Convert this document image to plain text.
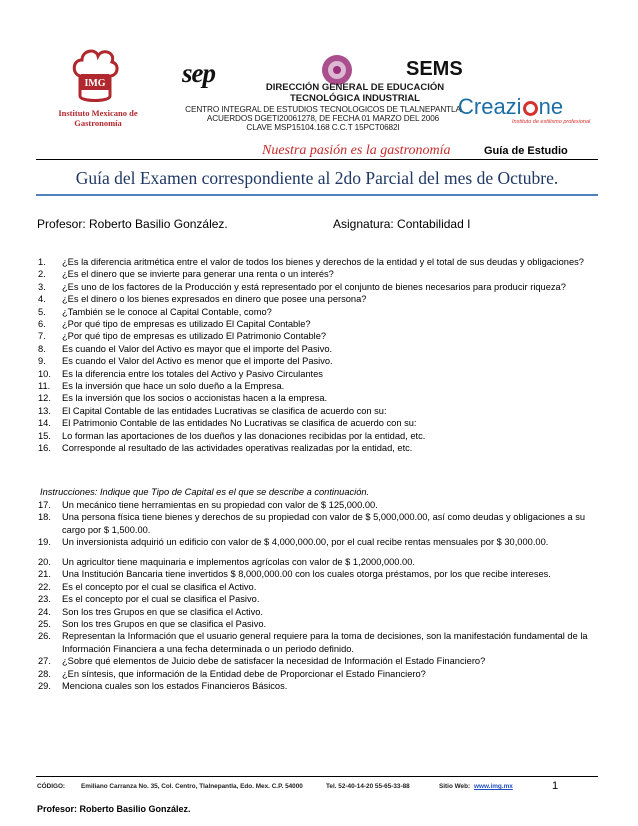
IMG
Instituto Mexicano de Gastronomía
sep	DIRECCIÓN GENERAL DE EDUCACIÓN TECNOLÓGICA INDUSTRIAL
CENTRO INTEGRAL DE ESTUDIOS TECNOLOGICOS DE TLALNEPANTLA
ACUERDOS DGETI20061278, DE FECHA 01 MARZO DEL 2006
CLAVE MSP15104.168 C.C.T 15PCT0682I
SEMS
Creazi ne
Instituto de estilismo profesional
Nuestra pasión es la gastronomía	Guía de Estudio
Guía del Examen correspondiente al 2do Parcial del mes de Octubre.
Profesor: Roberto Basilio González.	Asignatura: Contabilidad I
1.	¿Es la diferencia aritmética entre el valor de todos los bienes y derechos de la entidad y el total de sus deudas y obligaciones?
2.	¿Es el dinero que se invierte para generar una renta o un interés?
3.	¿Es uno de los factores de la Producción y está representado por el conjunto de bienes necesarios para producir riqueza?
4.	¿Es el dinero o los bienes expresados en dinero que posee una persona?
5.	¿También se le conoce al Capital Contable, como?
6.	¿Por qué tipo de empresas es utilizado El Capital Contable?
7.	¿Por qué tipo de empresas es utilizado El Patrimonio Contable?
8.	Es cuando el Valor del Activo es mayor que el importe del Pasivo.
9.	Es cuando el Valor del Activo es menor que el importe del Pasivo.
10.	Es la diferencia entre los totales del Activo y Pasivo Circulantes
11.	Es la inversión que hace un solo dueño a la Empresa.
12.	Es la inversión que los socios o accionistas hacen a la empresa.
13.	El Capital Contable de las entidades Lucrativas se clasifica de acuerdo con su:
14.	El Patrimonio Contable de las entidades No Lucrativas se clasifica de acuerdo con su:
15.	Lo forman las aportaciones de los dueños y las donaciones recibidas por la entidad, etc.
16.	Corresponde al resultado de las actividades operativas realizadas por la entidad, etc.
Instrucciones: Indique que Tipo de Capital es el que se describe a continuación.
17.	Un mecánico tiene herramientas en su propiedad con valor de $ 125,000.00.
18.	Una persona física tiene bienes y derechos de su propiedad con valor de $ 5,000,000.00, así como deudas y obligaciones a su cargo por $ 1,500.00.
19.	Un inversionista adquirió un edificio con valor de $ 4,000,000.00, por el cual recibe rentas mensuales por $ 30,000.00.
20.	Un agricultor tiene maquinaria e implementos agrícolas con valor de $ 1,2000,000.00.
21.	Una Institución Bancaria tiene invertidos $ 8,000,000.00 con los cuales otorga préstamos, por los que recibe intereses.
22.	Es el concepto por el cual se clasifica el Activo.
23.	Es el concepto por el cual se clasifica el Pasivo.
24.	Son los tres Grupos en que se clasifica el Activo.
25.	Son los tres Grupos en que se clasifica el Pasivo.
26.	Representan la Información que el usuario general requiere para la toma de decisiones, son la manifestación fundamental de la Información Financiera a una fecha determinada o un periodo definido.
27.	¿Sobre qué elementos de Juicio debe de satisfacer la necesidad de Información el Estado Financiero?
28.	¿En síntesis, que información de la Entidad debe de Proporcionar el Estado Financiero?
29.	Menciona cuales son los estados Financieros Básicos.
CÓDIGO: Emiliano Carranza No. 35, Col. Centro, Tlalnepantla, Edo. Mex. C.P. 54000	Tel. 52-40-14-20 55-65-33-88	Sitio Web: www.img.mx	1
Profesor: Roberto Basilio González.
